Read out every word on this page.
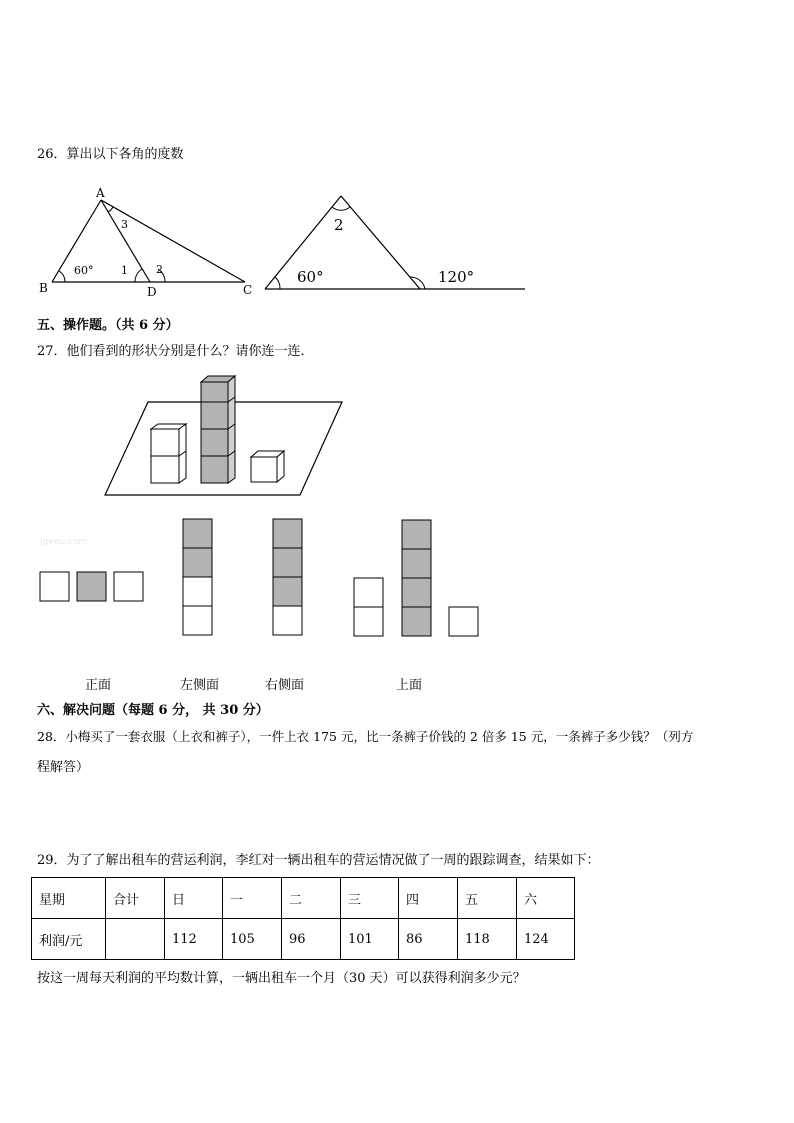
26．算出以下各角的度数
A
B	C
D
60°	1	2
3	2
60°	120°
五、操作题。（共 6 分）
27．他们看到的形状分别是什么？请你连一连．
Jgeeu.com
正面	左侧面	右侧面	上面
六、解决问题（每题 6 分， 共 30 分）
28．小梅买了一套衣服（上衣和裤子），一件上衣 175 元，比一条裤子价钱的 2 倍多 15 元，一条裤子多少钱？（列方
程解答）
29．为了了解出租车的营运利润，李红对一辆出租车的营运情况做了一周的跟踪调查，结果如下：
星期	合计	日	一	二	三	四	五	六
利润/元		112	105	96	101	86	118	124
按这一周每天利润的平均数计算，一辆出租车一个月（30 天）可以获得利润多少元？
